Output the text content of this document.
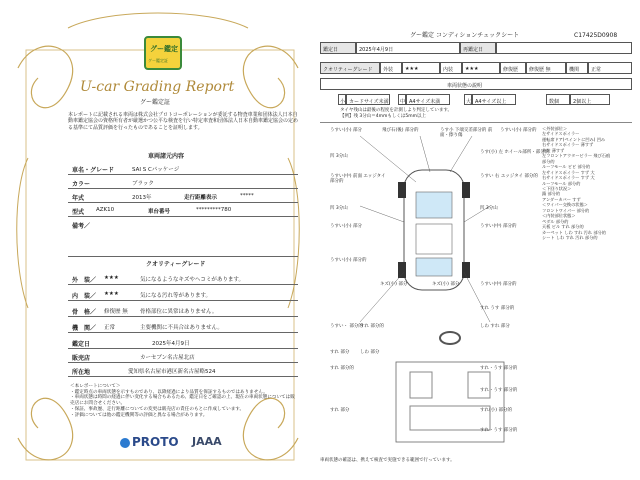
グー鑑定
グー鑑定証
U-car Grading Report
グー鑑定証
本レポートに記載される車両は株式会社プロトコーポレーションが委託する物査車業和団体法人日本自動車鑑定協会の資格所有者が厳選かつ公平な検査を行い特定車査和団体法人日本自動車鑑定協会の定める基準にて品質評価を行ったものであることを証明します。
車両諸元内容
車名・グレード	SAI S Cパッケージ
カラー	ブラック
年式	2013年	走行距離表示	*****
型式 AZK10	車台番号	*********780
備考／
クオリティーグレード
外　装／ ★★★	気になるようなキズやヘコミがあります。
内　装／ ★★★	気になる汚れ等があります。
骨　格／ 修復歴 無 骨格部位に異常はありません。
機　関／ 正常	主要機関に不具合はありません。
鑑定日	2025年4月9日
販売店	カーセブン名古屋北店
所在地	愛知県名古屋市港区新名古屋略524
＜本レポートについて＞
・鑑定時点の車両状態を示すものであり、以降経過により品質を保証するものではありません。
・車両状態は時間の経過に伴い変化する場合もあるため、鑑定日をご確認の上、現在の車両状態については販売店にお問合せください。
・保証、事故歴、走行距離についての変更は販売店の責任のもとに作成しています。
・評価については他の鑑定機関等の評価と異なる場合があります。
PROTO JAAA
C17425D0908
グー鑑定 コンディションチェックシート
鑑定日	2025年4月9日	再鑑定日
クオリティーグレード 外装 ★★★	内装 ★★★	修復歴 修復歴 無	機関 正常
車両状態の説明
小 カードサイズ未満 中 A4サイズ未満	大 A4サイズ以上	数個	2個以上
タイヤ残山は最後の程度を計測しより判定しています。
【例】残 3分山＝4mmもしくは5mm以上
うすい(小) 部分	飛び石(後) 部分的	うす小 下端交差部分的 前面・擦り傷
うすい(小) 部分的
凹 3分山
うす(小) 左 ホイール部所・部分的
うすい(中) 前面 エッジタイ 部分的
うすい 右 エッジタイ 部分的
凹 3分山	凹 3分山
うすい(小) 部分	うすい(中) 部分的
うすい(小) 部分的
キズ(小) 部分	キズ(小) 部分	うすい(中) 部分的
すれ うす 部分的
うすい・ 部分的
すれ 部分的	しわ すれ 部分
すれ 部分 しわ 部分
すれ 部分的	すれ・うす 部分的
すれ・うす 部分的
すれ 部分	すれ(小) 部分的
すれ・うす 部分的
＜外装部位＞
左サイドスポイラー
運転席ドア(ペイントに凹み) 凹み
右サイドスポイラー 薄すず
外装 薄すず
左フロントアウタービラー 飛び石痕
部分的
ルーフモール ビビ 部分的
左サイドスポイラー すず 大
右サイドスポイラー すず 大
ルーフモール 部分的
＜下回り状況＞
錆 部分的
アンダーカバー すず
＜ワイパー交換の状態＞
フロントワイパー 部分的
＜内装部位状態＞
ペダル 部分的
天板 ビル すれ 部分的
カーペット しわ すれ 汚れ 部分的
シート しわ すれ 汚れ 部分的
車両状態の確認は、携えて検査で実施できる範囲で行っています。
